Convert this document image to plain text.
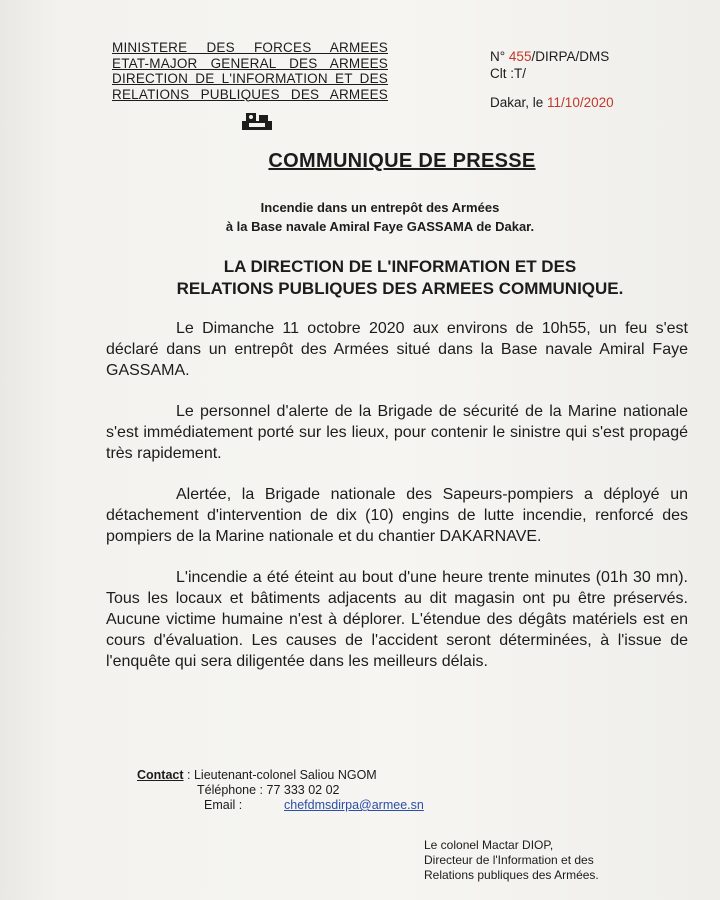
MINISTERE DES FORCES ARMEES
ETAT-MAJOR GENERAL DES ARMEES
DIRECTION DE L'INFORMATION ET DES
RELATIONS PUBLIQUES DES ARMEES
N° 455/DIRPA/DMS
Clt :T/
Dakar, le 11/10/2020
COMMUNIQUE DE PRESSE
Incendie dans un entrepôt des Armées
à la Base navale Amiral Faye GASSAMA de Dakar.
LA DIRECTION DE L'INFORMATION ET DES
RELATIONS PUBLIQUES DES ARMEES COMMUNIQUE.

Le Dimanche 11 octobre 2020 aux environs de 10h55, un feu s'est déclaré dans un entrepôt des Armées situé dans la Base navale Amiral Faye GASSAMA.

Le personnel d'alerte de la Brigade de sécurité de la Marine nationale s'est immédiatement porté sur les lieux, pour contenir le sinistre qui s'est propagé très rapidement.

Alertée, la Brigade nationale des Sapeurs-pompiers a déployé un détachement d'intervention de dix (10) engins de lutte incendie, renforcé des pompiers de la Marine nationale et du chantier DAKARNAVE.

L'incendie a été éteint au bout d'une heure trente minutes (01h 30 mn). Tous les locaux et bâtiments adjacents au dit magasin ont pu être préservés. Aucune victime humaine n'est à déplorer. L'étendue des dégâts matériels est en cours d'évaluation. Les causes de l'accident seront déterminées, à l'issue de l'enquête qui sera diligentée dans les meilleurs délais.

Contact : Lieutenant-colonel Saliou NGOM
Téléphone : 77 333 02 02
Email :	chefdmsdirpa@armee.sn
Le colonel Mactar DIOP,
Directeur de l'Information et des
Relations publiques des Armées.
